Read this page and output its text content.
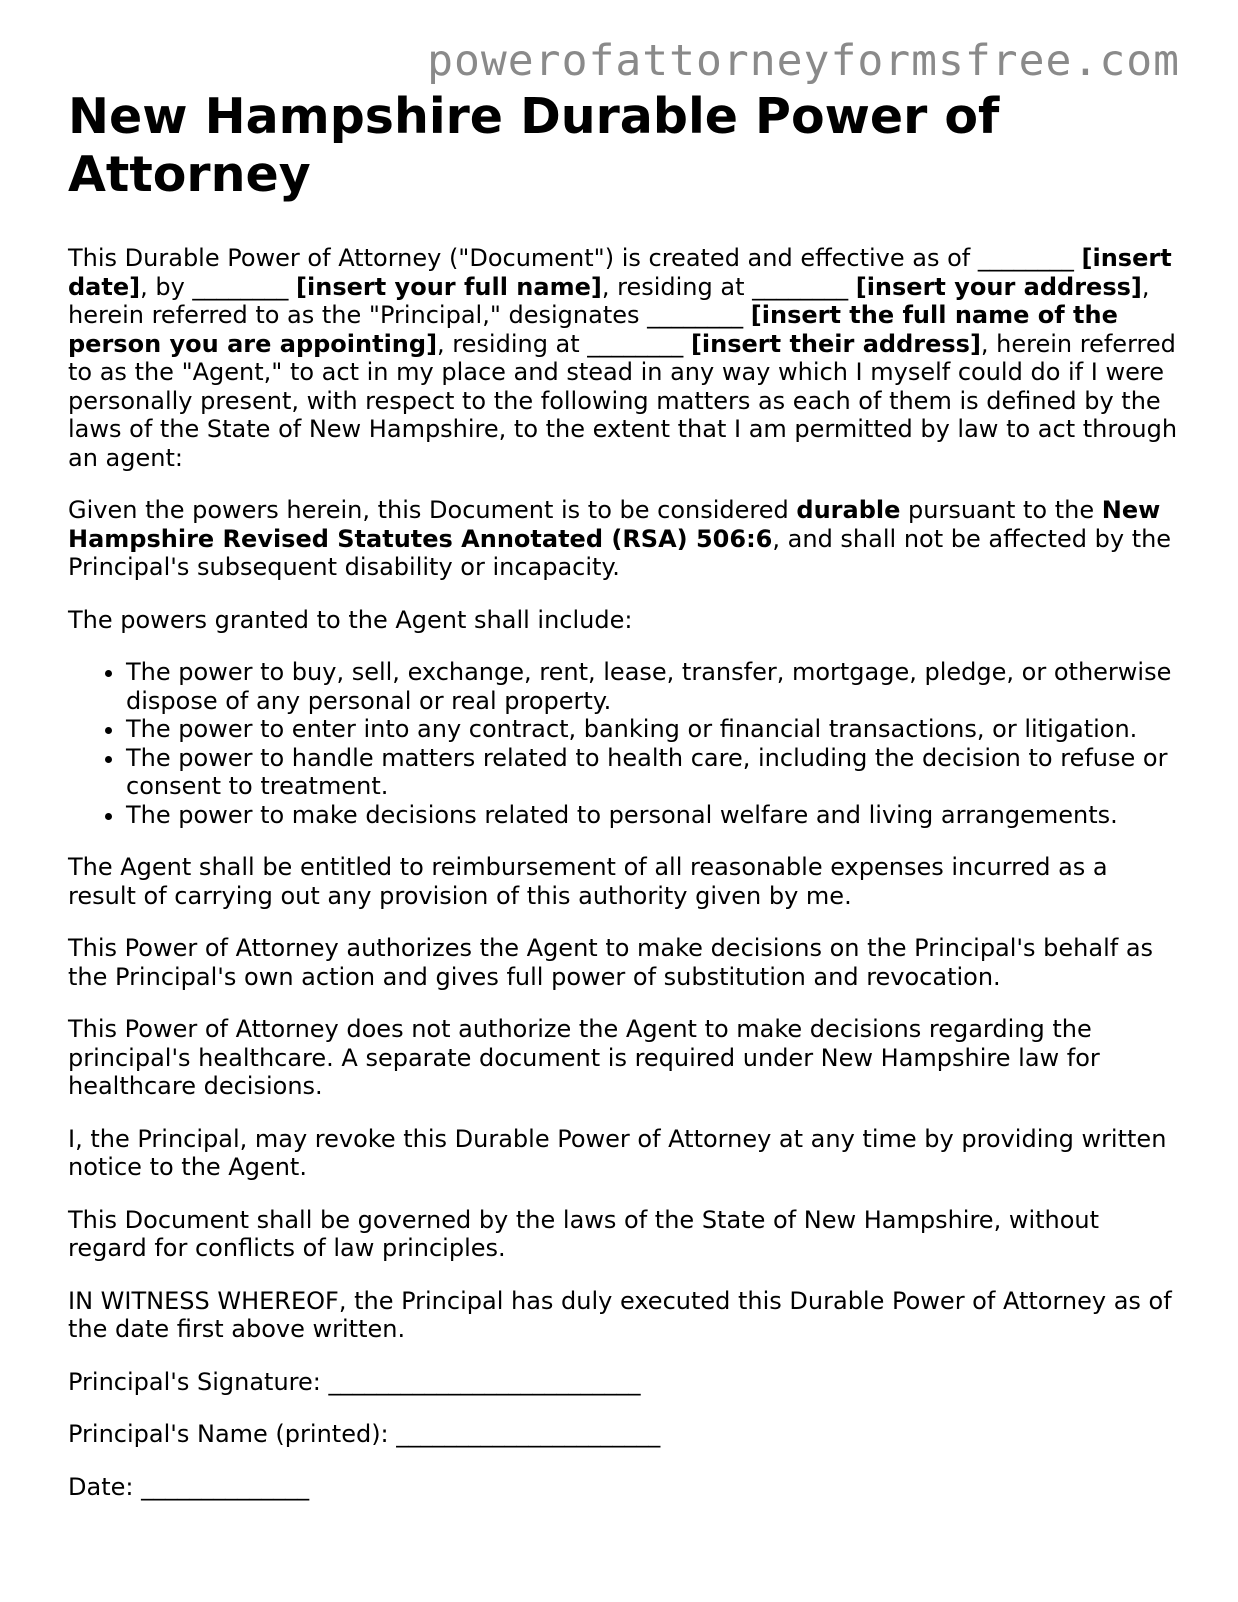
powerofattorneyformsfree.com
New Hampshire Durable Power of Attorney

This Durable Power of Attorney ("Document") is created and effective as of ________ [insert date], by ________ [insert your full name], residing at ________ [insert your address], herein referred to as the "Principal," designates ________ [insert the full name of the person you are appointing], residing at ________ [insert their address], herein referred to as the "Agent," to act in my place and stead in any way which I myself could do if I were personally present, with respect to the following matters as each of them is defined by the laws of the State of New Hampshire, to the extent that I am permitted by law to act through an agent:

Given the powers herein, this Document is to be considered durable pursuant to the New Hampshire Revised Statutes Annotated (RSA) 506:6, and shall not be affected by the Principal's subsequent disability or incapacity.

The powers granted to the Agent shall include:

• The power to buy, sell, exchange, rent, lease, transfer, mortgage, pledge, or otherwise dispose of any personal or real property.
• The power to enter into any contract, banking or financial transactions, or litigation.
• The power to handle matters related to health care, including the decision to refuse or consent to treatment.
• The power to make decisions related to personal welfare and living arrangements.

The Agent shall be entitled to reimbursement of all reasonable expenses incurred as a result of carrying out any provision of this authority given by me.

This Power of Attorney authorizes the Agent to make decisions on the Principal's behalf as the Principal's own action and gives full power of substitution and revocation.

This Power of Attorney does not authorize the Agent to make decisions regarding the principal's healthcare. A separate document is required under New Hampshire law for healthcare decisions.

I, the Principal, may revoke this Durable Power of Attorney at any time by providing written notice to the Agent.

This Document shall be governed by the laws of the State of New Hampshire, without regard for conflicts of law principles.

IN WITNESS WHEREOF, the Principal has duly executed this Durable Power of Attorney as of the date first above written.

Principal's Signature: __________________________

Principal's Name (printed): ______________________

Date: ______________
